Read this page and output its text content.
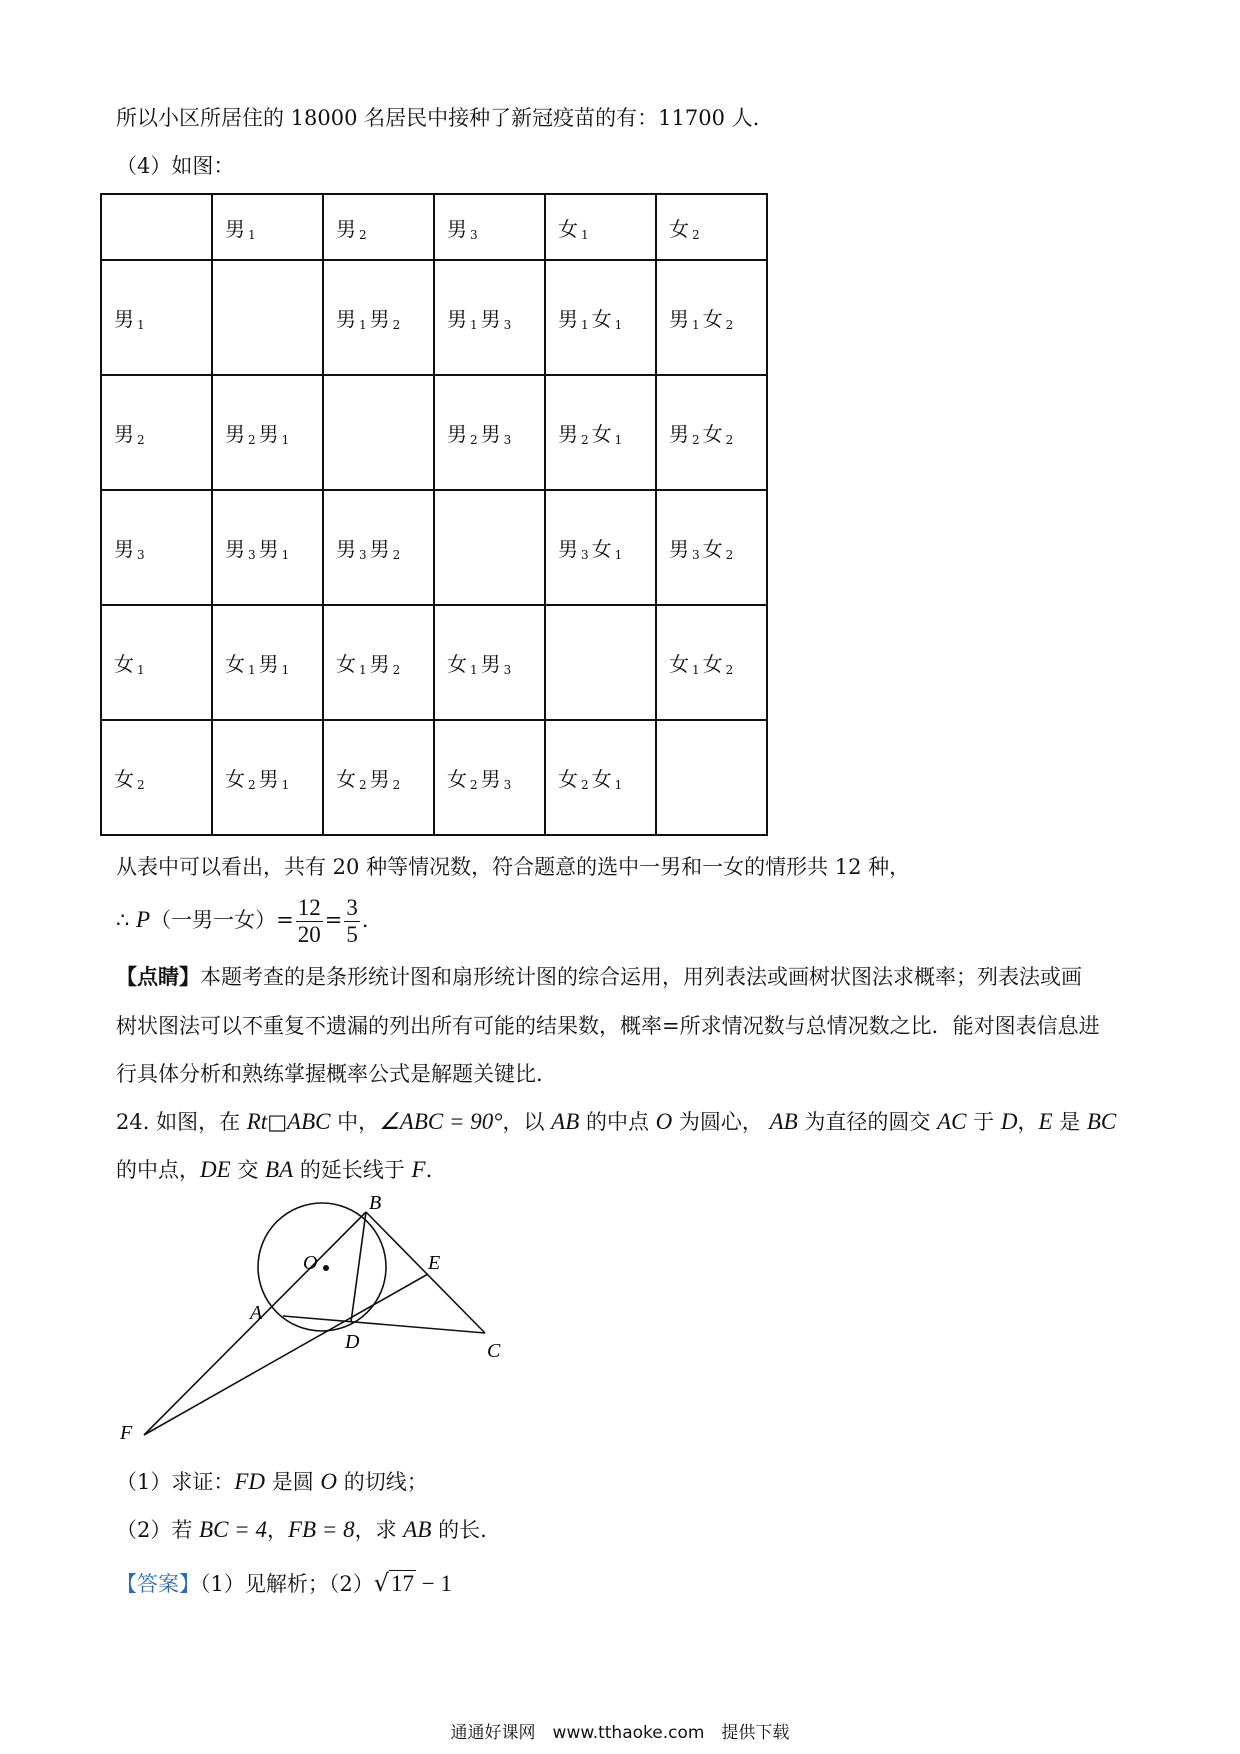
所以小区所居住的 18000 名居民中接种了新冠疫苗的有：11700 人.
（4）如图：
	男 $_1$	男 $_2$	男 $_3$	女 $_1$	女 $_2$
男 $_1$		男 $_1$ 男 $_2$	男 $_1$ 男 $_3$	男 $_1$ 女 $_1$	男 $_1$ 女 $_2$
男 $_2$	男 $_2$ 男 $_1$		男 $_2$ 男 $_3$	男 $_2$ 女 $_1$	男 $_2$ 女 $_2$
男 $_3$	男 $_3$ 男 $_1$	男 $_3$ 男 $_2$		男 $_3$ 女 $_1$	男 $_3$ 女 $_2$
女 $_1$	女 $_1$ 男 $_1$	女 $_1$ 男 $_2$	女 $_1$ 男 $_3$		女 $_1$ 女 $_2$
女 $_2$	女 $_2$ 男 $_1$	女 $_2$ 男 $_2$	女 $_2$ 男 $_3$	女 $_2$ 女 $_1$	
从表中可以看出，共有 20 种等情况数，符合题意的选中一男和一女的情形共 12 种，
∴ P（一男一女）= $\frac{12}{20} = \frac{3}{5}$ .
【点睛】本题考查的是条形统计图和扇形统计图的综合运用，用列表法或画树状图法求概率；列表法或画
树状图法可以不重复不遗漏的列出所有可能的结果数，概率=所求情况数与总情况数之比．能对图表信息进
行具体分析和熟练掌握概率公式是解题关键比.
24. 如图，在 Rt□ABC 中，∠ABC = 90°，以 AB 的中点 O 为圆心， AB 为直径的圆交 AC 于 D，E 是 BC
的中点，DE 交 BA 的延长线于 F.
B
O	E
A
D	C
F
（1）求证：FD 是圆 O 的切线；
（2）若 BC = 4，FB = 8，求 AB 的长.
【答案】（1）见解析；（2）√17 − 1
通通好课网　www.tthaoke.com　提供下载
